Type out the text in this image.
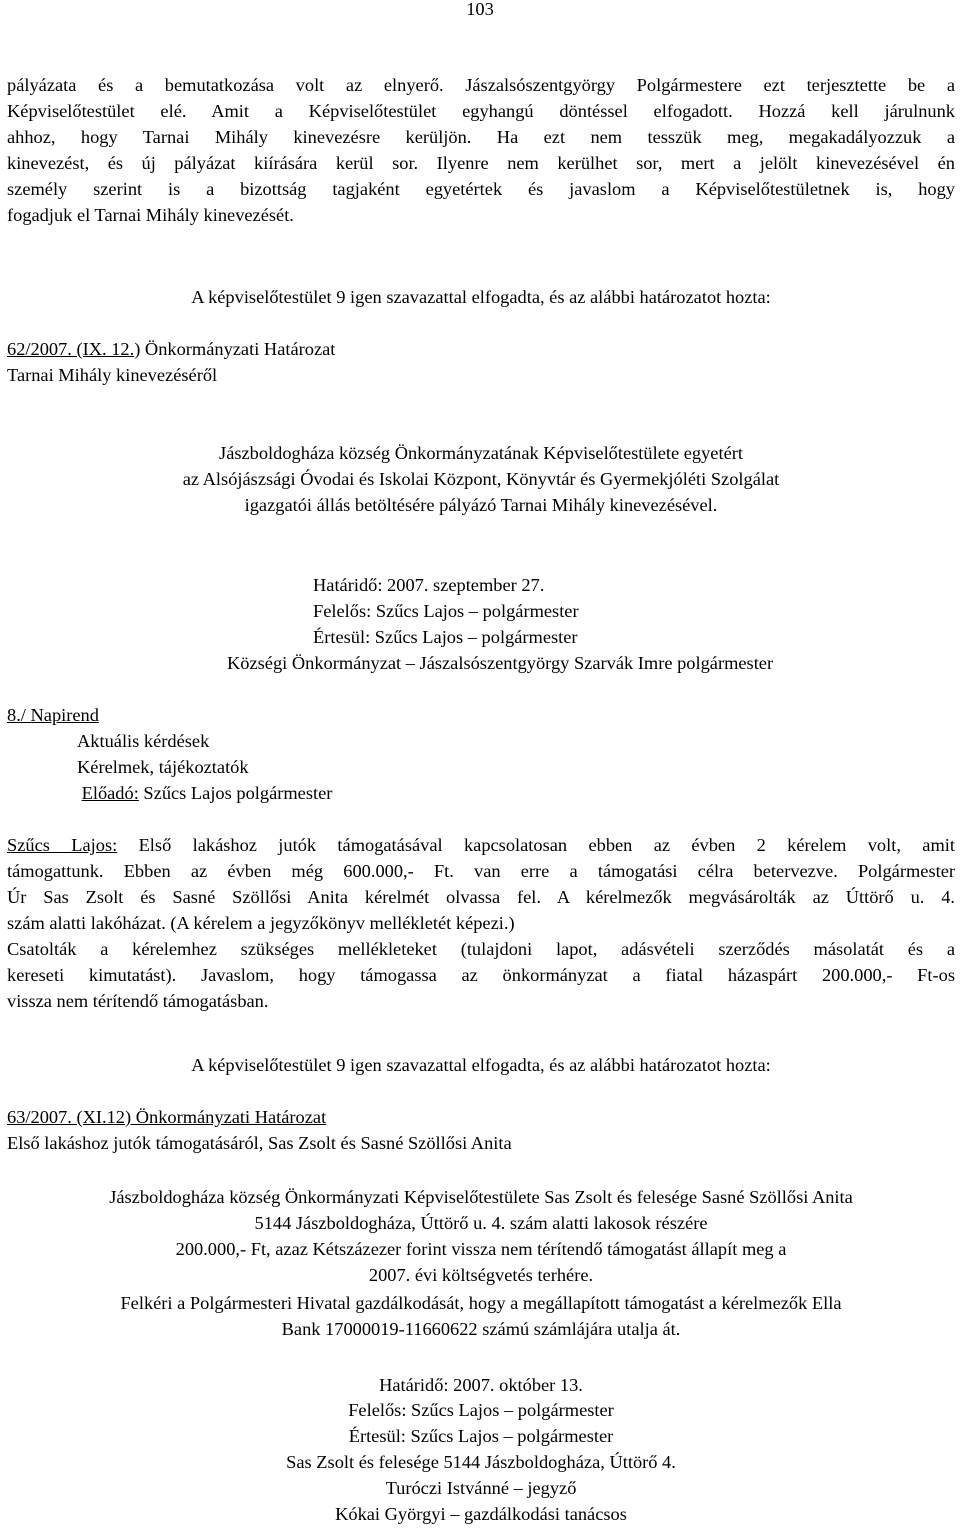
103
pályázata és a bemutatkozása volt az elnyerő. Jászalsószentgyörgy Polgármestere ezt terjesztette be a
Képviselőtestület elé. Amit a Képviselőtestület egyhangú döntéssel elfogadott. Hozzá kell járulnunk
ahhoz, hogy Tarnai Mihály kinevezésre kerüljön. Ha ezt nem tesszük meg, megakadályozzuk a
kinevezést, és új pályázat kiírására kerül sor. Ilyenre nem kerülhet sor, mert a jelölt kinevezésével én
személy szerint is a bizottság tagjaként egyetértek és javaslom a Képviselőtestületnek is, hogy
fogadjuk el Tarnai Mihály kinevezését.
A képviselőtestület 9 igen szavazattal elfogadta, és az alábbi határozatot hozta:
62/2007. (IX. 12.) Önkormányzati Határozat
Tarnai Mihály kinevezéséről
Jászboldogháza község Önkormányzatának Képviselőtestülete egyetért
az Alsójászsági Óvodai és Iskolai Központ, Könyvtár és Gyermekjóléti Szolgálat
igazgatói állás betöltésére pályázó Tarnai Mihály kinevezésével.
Határidő: 2007. szeptember 27.
Felelős: Szűcs Lajos – polgármester
Értesül: Szűcs Lajos – polgármester
Községi Önkormányzat – Jászalsószentgyörgy Szarvák Imre polgármester
8./ Napirend
Aktuális kérdések
Kérelmek, tájékoztatók
Előadó: Szűcs Lajos polgármester
Szűcs Lajos: Első lakáshoz jutók támogatásával kapcsolatosan ebben az évben 2 kérelem volt, amit
támogattunk. Ebben az évben még 600.000,- Ft. van erre a támogatási célra betervezve. Polgármester
Úr Sas Zsolt és Sasné Szöllősi Anita kérelmét olvassa fel. A kérelmezők megvásárolták az Úttörő u. 4.
szám alatti lakóházat. (A kérelem a jegyzőkönyv mellékletét képezi.)
Csatolták a kérelemhez szükséges mellékleteket (tulajdoni lapot, adásvételi szerződés másolatát és a
kereseti kimutatást). Javaslom, hogy támogassa az önkormányzat a fiatal házaspárt 200.000,- Ft-os
vissza nem térítendő támogatásban.
A képviselőtestület 9 igen szavazattal elfogadta, és az alábbi határozatot hozta:
63/2007. (XI.12) Önkormányzati Határozat
Első lakáshoz jutók támogatásáról, Sas Zsolt és Sasné Szöllősi Anita
Jászboldogháza község Önkormányzati Képviselőtestülete Sas Zsolt és felesége Sasné Szöllősi Anita
5144 Jászboldogháza, Úttörő u. 4. szám alatti lakosok részére
200.000,- Ft, azaz Kétszázezer forint vissza nem térítendő támogatást állapít meg a
2007. évi költségvetés terhére.
Felkéri a Polgármesteri Hivatal gazdálkodását, hogy a megállapított támogatást a kérelmezők Ella
Bank 17000019-11660622 számú számlájára utalja át.
Határidő: 2007. október 13.
Felelős: Szűcs Lajos – polgármester
Értesül: Szűcs Lajos – polgármester
Sas Zsolt és felesége 5144 Jászboldogháza, Úttörő 4.
Turóczi Istvánné – jegyző
Kókai Györgyi – gazdálkodási tanácsos
